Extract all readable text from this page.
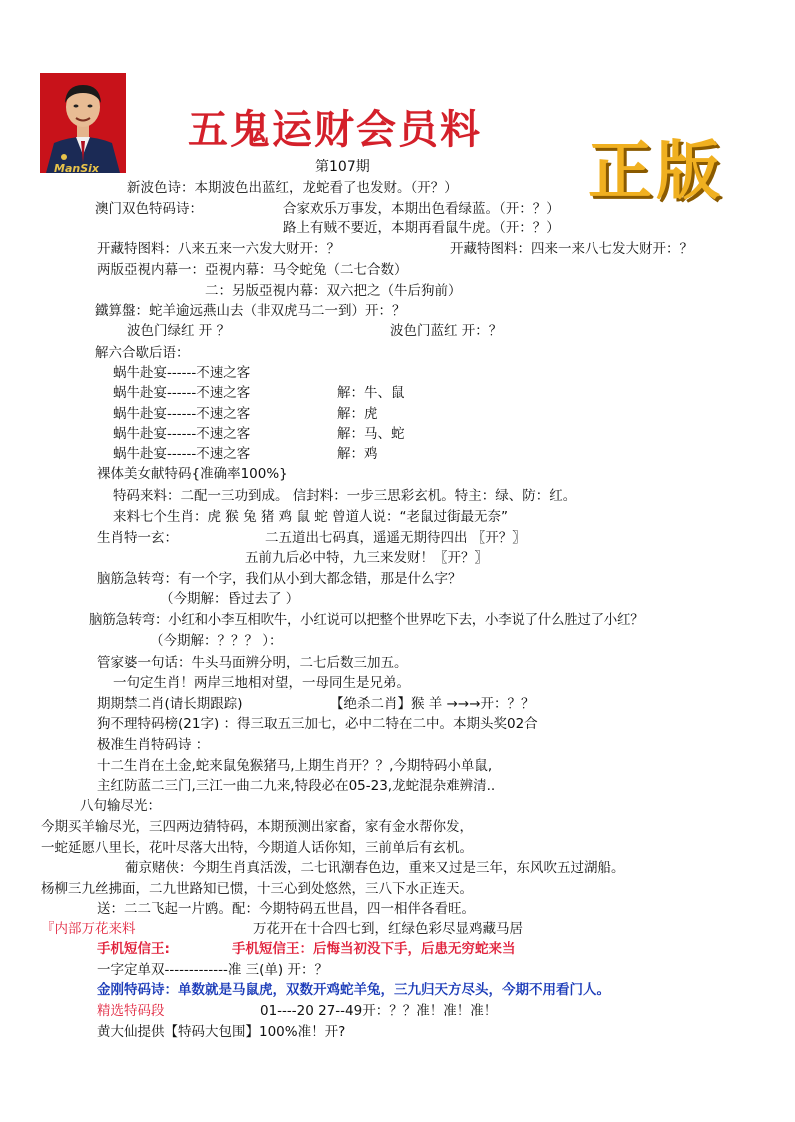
ManSix
五鬼运财会员料
正版
第107期
新波色诗：本期波色出蓝红，龙蛇看了也发财。（开？）
澳门双色特码诗：	合家欢乐万事发，本期出色看绿蓝。（开：？）
路上有贼不要近，本期再看鼠牛虎。（开：？）
开藏特图料：八来五来一六发大财开：？	开藏特图料：四来一来八七发大财开：？
两版亞視内幕一：亞視内幕：马令蛇兔（二七合数）
二：另版亞視内幕：双六把之（牛后狗前）
鐵算盤：蛇羊逾远燕山去（非双虎马二一到）开：？
波色门绿红 开 ？	波色门蓝红 开：？
解六合歇后语：
蜗牛赴宴------不速之客
蜗牛赴宴------不速之客	解：牛、鼠
蜗牛赴宴------不速之客	解：虎
蜗牛赴宴------不速之客	解：马、蛇
蜗牛赴宴------不速之客	解：鸡
裸体美女献特码{准确率100%}
特码来料：二配一三功到成。 信封料：一步三思彩玄机。特主：绿、防：红。
来料七个生肖：虎 猴 兔 猪 鸡 鼠 蛇 曾道人说：“老鼠过街最无奈”
生肖特一玄：	二五道出七码真，遥遥无期待四出 〖开？〗
五前九后必中特，九三来发财！〖开？〗
脑筋急转弯：有一个字，我们从小到大都念错，那是什么字？
（今期解：昏过去了 ）
脑筋急转弯：小红和小李互相吹牛，小红说可以把整个世界吃下去，小李说了什么胜过了小红？
（今期解：？？？ ）：
管家婆一句话：牛头马面辨分明，二七后数三加五。
一句定生肖！两岸三地相对望，一母同生是兄弟。
期期禁二肖(请长期跟踪)	【绝杀二肖】猴 羊 →→→开：？？
狗不理特码榜(21字) ：得三取五三加七，必中二特在二中。本期头奖02合
极准生肖特码诗 ：
十二生肖在土金,蛇来鼠兔猴猪马,上期生肖开？？,今期特码小单鼠,
主红防蓝二三门,三江一曲二九来,特段必在05-23,龙蛇混杂难辨清..
八句输尽光：
今期买羊输尽光，三四两边猜特码，本期预测出家畜，家有金水帮你发，
一蛇延愿八里长，花叶尽落大出特，今期道人话你知，三前单后有玄机。
葡京赌侠：今期生肖真活泼，二七讯潮春色边，重来又过是三年，东风吹五过湖船。
杨柳三九丝拂面，二九世路知已惯，十三心到处悠然，三八下水正连天。
送：二二飞起一片鸥。配：今期特码五世昌，四一相伴各看旺。
『内部万花来料	万花开在十合四七到，红绿色彩尽显鸡藏马居
手机短信王:	手机短信王：后悔当初没下手，后患无穷蛇来当
一字定单双-------------准 三(单) 开：？
金刚特码诗：单数就是马鼠虎，双数开鸡蛇羊兔，三九归天方尽头，今期不用看门人。
精选特码段	01----20 27--49开：？？准！准！准！
黄大仙提供【特码大包围】100%准！开?
